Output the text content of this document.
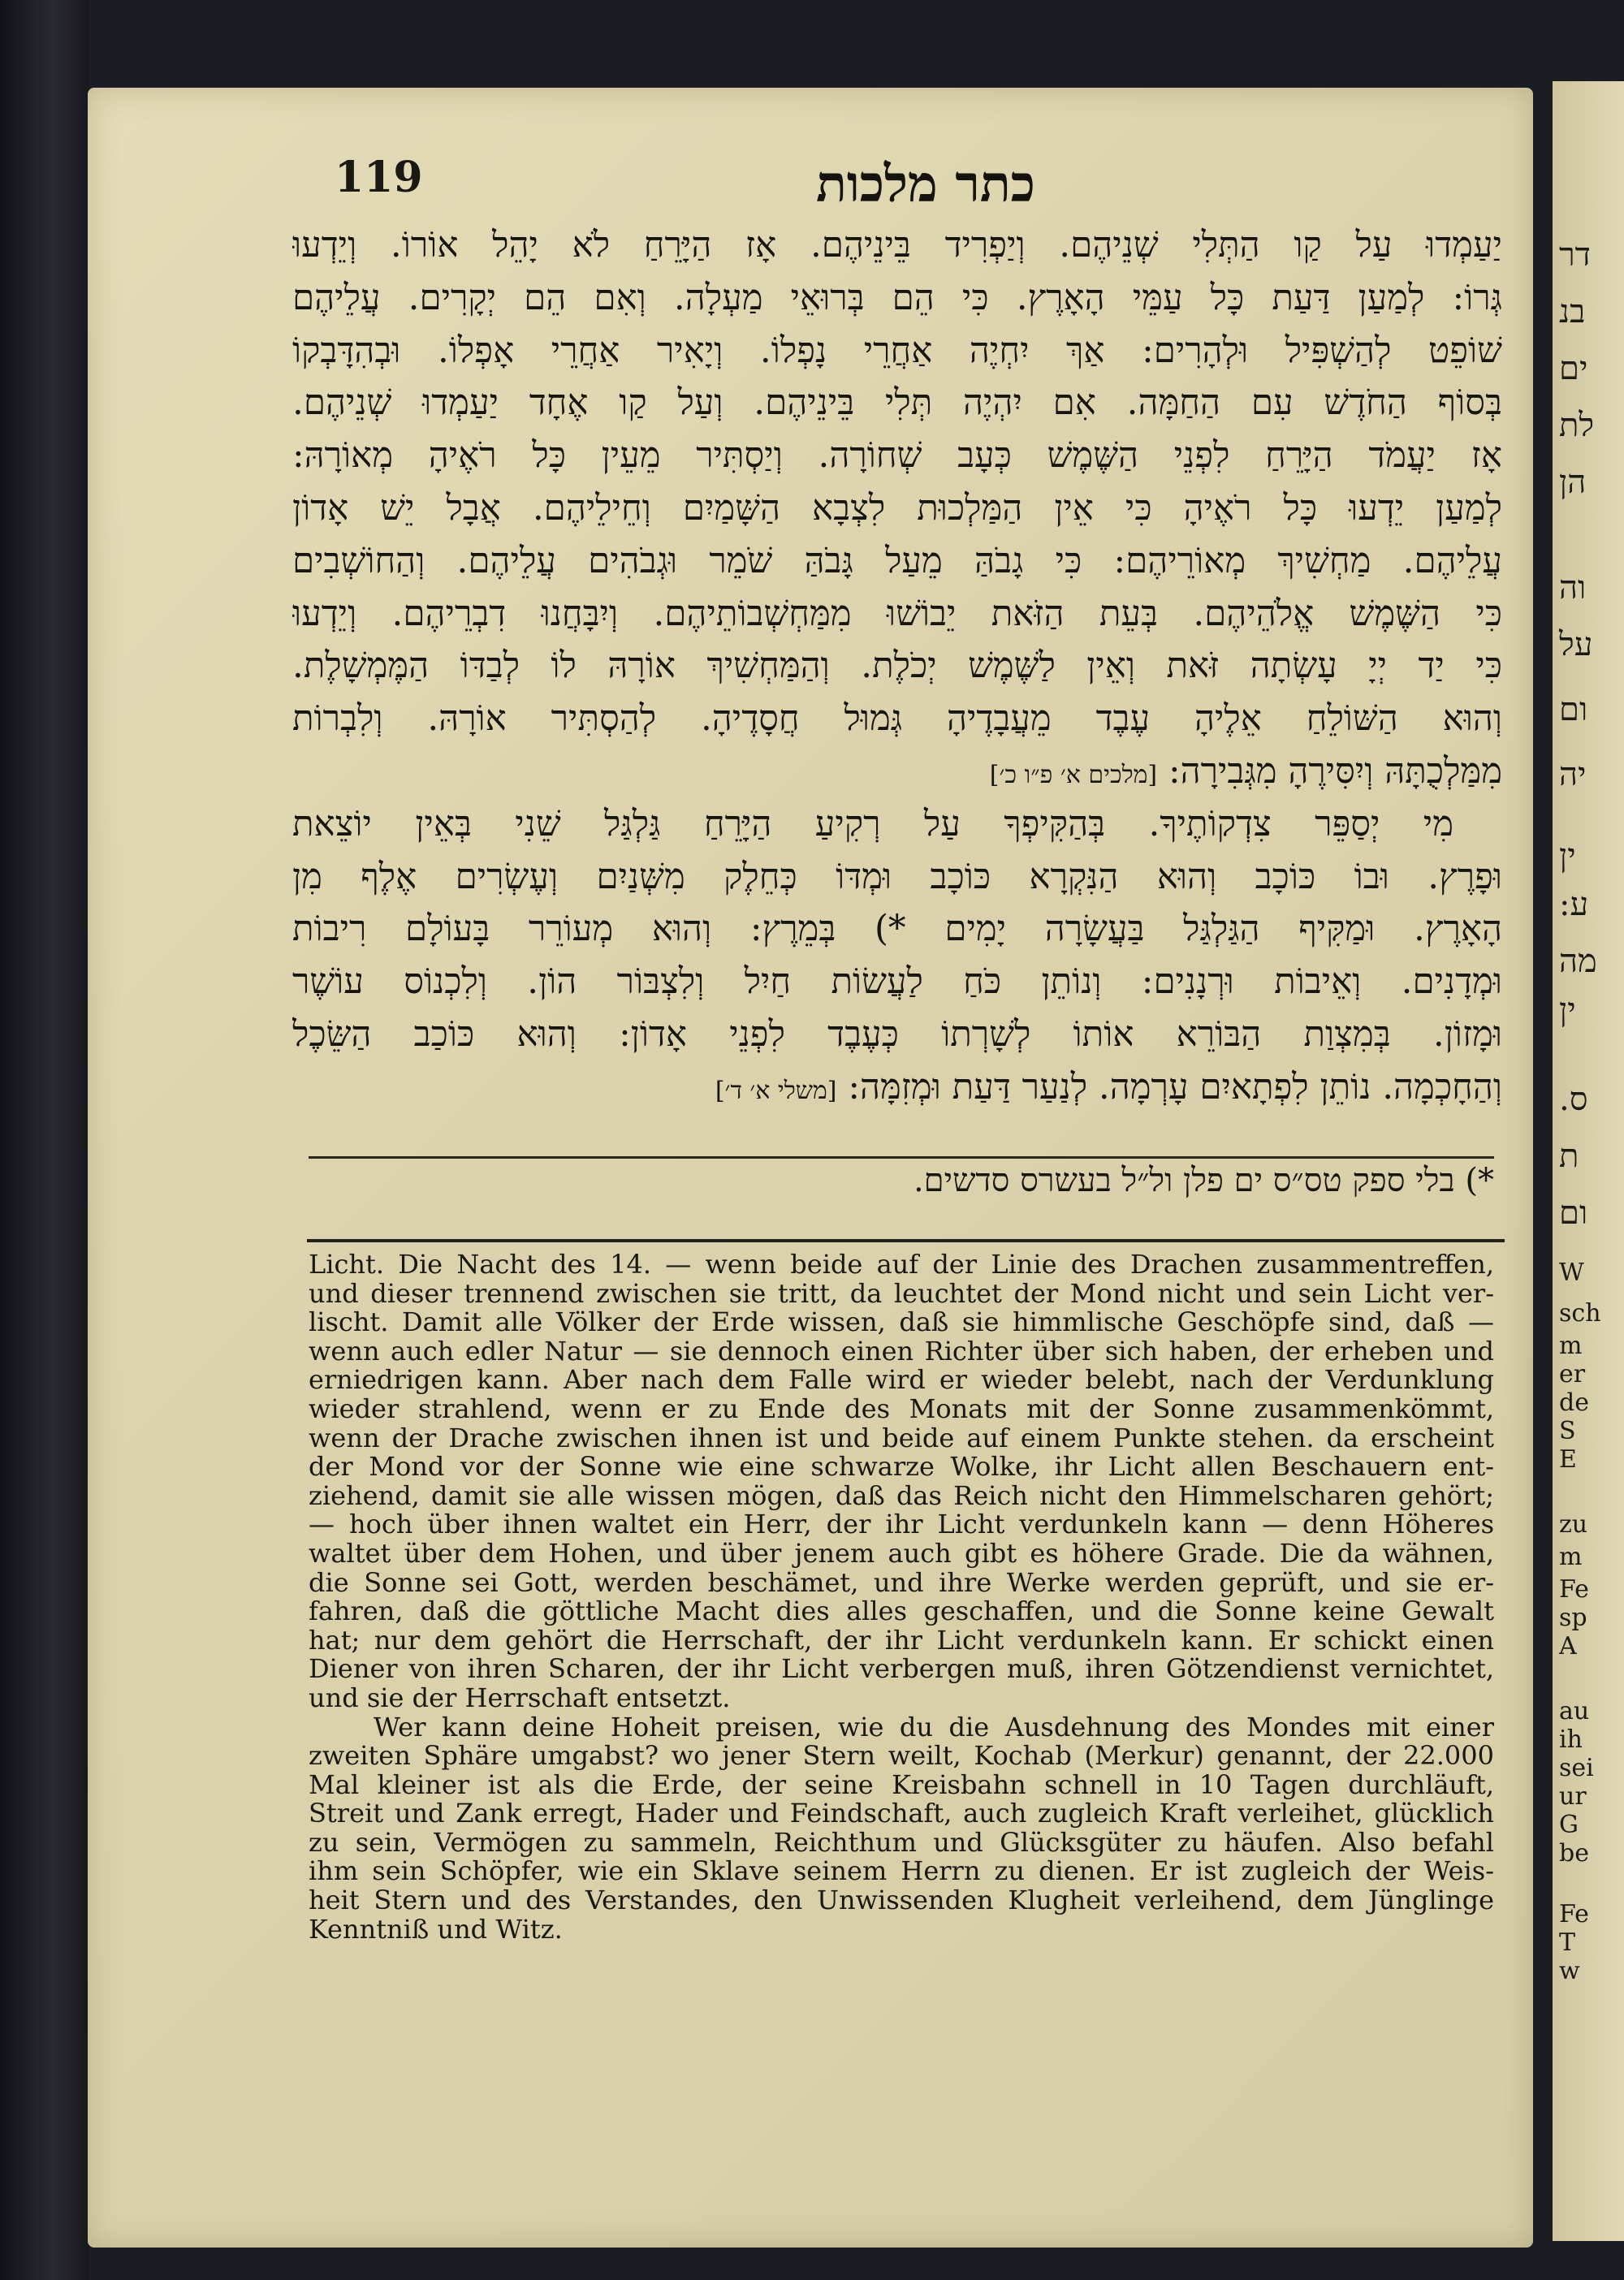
דר
בנ
ים
לת
הן
וה
על
ום
יה
ין
ע:
מה
ין
ס.
ת
ום
W
sch
m
er
de
S
E
zu
m
Fe
sp
A
au
ih
sei
ur
G
be
Fe
T
w
119	כתר מלכות
יַעַמְדוּ עַל קַו הַתְּלִי שְׁנֵיהֶם. וְיַפְרִיד בֵּינֵיהֶם. אָז הַיָּרֵחַ לֹא יָהֵל אוֹרוֹ. וְיֵדְעוּ
גְּרוֹ: לְמַעַן דַּעַת כָּל עַמֵּי הָאָרֶץ. כִּי הֵם בְּרוּאֵי מַעְלָה. וְאִם הֵם יְקָרִים. עֲלֵיהֶם
שׁוֹפֵט לְהַשְׁפִּיל וּלְהָרִים: אַךְ יִחְיֶה אַחֲרֵי נָפְלוֹ. וְיָאִיר אַחֲרֵי אָפְלוֹ. וּבְהִדָּבְקוֹ
בְּסוֹף הַחֹדֶשׁ עִם הַחַמָּה. אִם יִהְיֶה תְּלִי בֵּינֵיהֶם. וְעַל קַו אֶחָד יַעַמְדוּ שְׁנֵיהֶם.
אָז יַעֲמֹד הַיָּרֵחַ לִפְנֵי הַשֶּׁמֶשׁ כְּעָב שְׁחוֹרָה. וְיַסְתִּיר מֵעֵין כָּל רֹאֶיהָ מְאוֹרָהּ:
לְמַעַן יֵדְעוּ כָּל רֹאֶיהָ כִּי אֵין הַמַּלְכוּת לִצְבָא הַשָּׁמַיִם וְחֵילֵיהֶם. אֲבָל יֵשׁ אָדוֹן
עֲלֵיהֶם. מַחְשִׁיךְ מְאוֹרֵיהֶם: כִּי גָבֹהַּ מֵעַל גָּבֹהַּ שֹׁמֵר וּגְבֹהִים עֲלֵיהֶם. וְהַחוֹשְׁבִים
כִּי הַשֶּׁמֶשׁ אֱלֹהֵיהֶם. בְּעֵת הַזֹּאת יֵבוֹשׁוּ מִמַּחְשְׁבוֹתֵיהֶם. וְיִבָּחֲנוּ דִבְרֵיהֶם. וְיֵדְעוּ
כִּי יַד יְיָ עָשְׂתָה זֹּאת וְאֵין לַשֶּׁמֶשׁ יְכֹלֶת. וְהַמַּחְשִׁיךְ אוֹרָהּ לוֹ לְבַדּוֹ הַמֶּמְשָׁלֶת.
וְהוּא הַשּׁוֹלֵחַ אֵלֶיהָ עֶבֶד מֵעֲבָדֶיהָ גְּמוּל חֲסָדֶיהָ. לְהַסְתִּיר אוֹרָהּ. וְלִבְרוֹת
מִמַּלְכֻתָּהּ וְיִסִּירֶהָ מִגְּבִירָה: [מלכים א׳ פ״ו כ׳]
מִי יְסַפֵּר צִדְקוֹתֶיךָ. בְּהַקִּיפְךָ עַל רְקִיעַ הַיָּרֵחַ גַּלְגַּל שֵׁנִי בְּאֵין יוֹצֵאת
וּפָרֶץ. וּבוֹ כּוֹכָב וְהוּא הַנִּקְרָא כּוֹכָב וּמְדּוֹ כְּחֵלֶק מִשְּׁנַיִם וְעֶשְׂרִים אֶלֶף מִן
הָאָרֶץ. וּמַקִּיף הַגַּלְגַּל בַּעֲשָׂרָה יָמִים *) בְּמֵרֶץ: וְהוּא מְעוֹרֵר בָּעוֹלָם רִיבוֹת
וּמְדָנִים. וְאֵיבוֹת וּרְנָנִים: וְנוֹתֵן כֹּחַ לַעֲשׂוֹת חַיִל וְלִצְבּוֹר הוֹן. וְלִכְנוֹס עוֹשֶׁר
וּמָזוֹן. בְּמִצְוַת הַבּוֹרֵא אוֹתוֹ לְשָׁרְתוֹ כְּעֶבֶד לִפְנֵי אָדוֹן: וְהוּא כּוֹכַב הַשֵּׂכֶל
וְהַחָכְמָה. נוֹתֵן לִפְתָאיִם עָרְמָה. לְנַעַר דַּעַת וּמְזִמָּה: [משלי א׳ ד׳]
*) בלי ספק טס״ס ים פלן ול״ל בעשרס סדשים.
Licht. Die Nacht des 14. — wenn beide auf der Linie des Drachen zusammentreffen,
und dieser trennend zwischen sie tritt, da leuchtet der Mond nicht und sein Licht ver-
lischt. Damit alle Völker der Erde wissen, daß sie himmlische Geschöpfe sind, daß —
wenn auch edler Natur — sie dennoch einen Richter über sich haben, der erheben und
erniedrigen kann. Aber nach dem Falle wird er wieder belebt, nach der Verdunklung
wieder strahlend, wenn er zu Ende des Monats mit der Sonne zusammenkömmt,
wenn der Drache zwischen ihnen ist und beide auf einem Punkte stehen. da erscheint
der Mond vor der Sonne wie eine schwarze Wolke, ihr Licht allen Beschauern ent-
ziehend, damit sie alle wissen mögen, daß das Reich nicht den Himmelscharen gehört;
— hoch über ihnen waltet ein Herr, der ihr Licht verdunkeln kann — denn Höheres
waltet über dem Hohen, und über jenem auch gibt es höhere Grade. Die da wähnen,
die Sonne sei Gott, werden beschämet, und ihre Werke werden geprüft, und sie er-
fahren, daß die göttliche Macht dies alles geschaffen, und die Sonne keine Gewalt
hat; nur dem gehört die Herrschaft, der ihr Licht verdunkeln kann. Er schickt einen
Diener von ihren Scharen, der ihr Licht verbergen muß, ihren Götzendienst vernichtet,
und sie der Herrschaft entsetzt.
Wer kann deine Hoheit preisen, wie du die Ausdehnung des Mondes mit einer
zweiten Sphäre umgabst? wo jener Stern weilt, Kochab (Merkur) genannt, der 22.000
Mal kleiner ist als die Erde, der seine Kreisbahn schnell in 10 Tagen durchläuft,
Streit und Zank erregt, Hader und Feindschaft, auch zugleich Kraft verleihet, glücklich
zu sein, Vermögen zu sammeln, Reichthum und Glücksgüter zu häufen. Also befahl
ihm sein Schöpfer, wie ein Sklave seinem Herrn zu dienen. Er ist zugleich der Weis-
heit Stern und des Verstandes, den Unwissenden Klugheit verleihend, dem Jünglinge
Kenntniß und Witz.
